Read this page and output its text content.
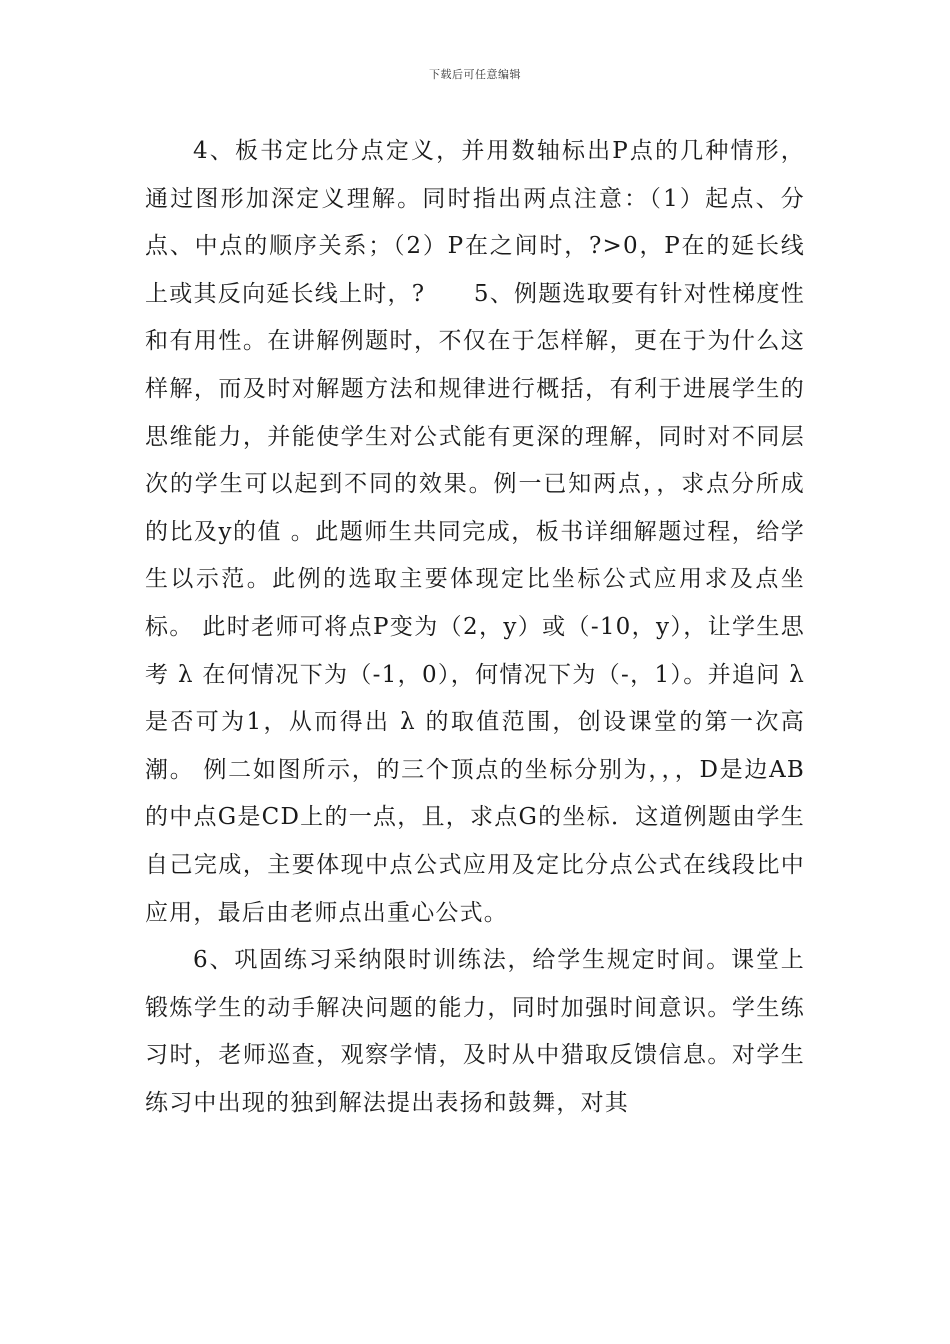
下载后可任意编辑

4、板书定比分点定义，并用数轴标出P点的几种情形，通过图形加深定义理解。同时指出两点注意：（1）起点、分点、中点的顺序关系；（2）P在之间时，?>0，P在的延长线上或其反向延长线上时，?　　5、例题选取要有针对性梯度性和有用性。在讲解例题时，不仅在于怎样解，更在于为什么这样解，而及时对解题方法和规律进行概括，有利于进展学生的思维能力，并能使学生对公式能有更深的理解，同时对不同层次的学生可以起到不同的效果。例一已知两点，，求点分所成的比及y的值 。此题师生共同完成，板书详细解题过程，给学生以示范。此例的选取主要体现定比坐标公式应用求及点坐标。 此时老师可将点P变为（2，y）或（-10，y），让学生思考 λ 在何情况下为（-1，0），何情况下为（-，1）。并追问 λ 是否可为1，从而得出 λ 的取值范围，创设课堂的第一次高潮。 例二如图所示，的三个顶点的坐标分别为，，，D是边AB的中点G是CD上的一点，且，求点G的坐标．这道例题由学生自己完成，主要体现中点公式应用及定比分点公式在线段比中应用，最后由老师点出重心公式。

6、巩固练习采纳限时训练法，给学生规定时间。课堂上锻炼学生的动手解决问题的能力，同时加强时间意识。学生练习时，老师巡查，观察学情，及时从中猎取反馈信息。对学生练习中出现的独到解法提出表扬和鼓舞，对其
